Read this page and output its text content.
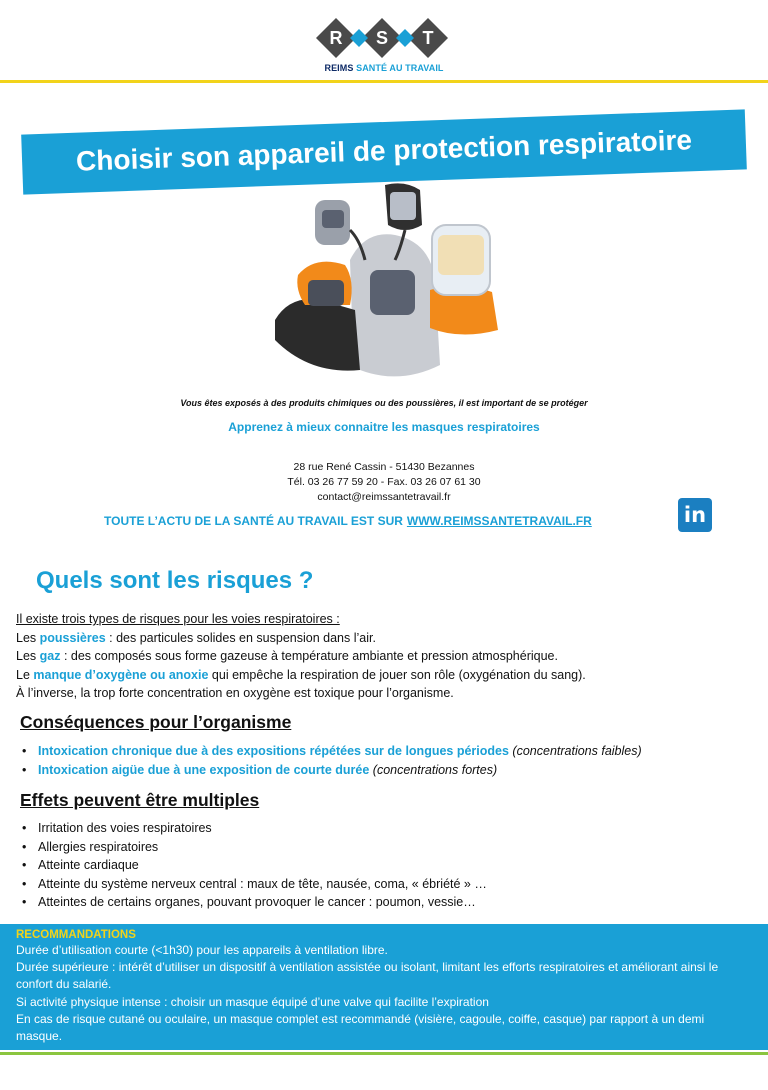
R S T
REIMS SANTÉ AU TRAVAIL
Choisir son appareil de protection respiratoire
Vous êtes exposés à des produits chimiques ou des poussières, il est important de se protéger
Apprenez à mieux connaitre les masques respiratoires
28 rue René Cassin - 51430 Bezannes
Tél. 03 26 77 59 20 - Fax. 03 26 07 61 30
contact@reimssantetravail.fr
TOUTE L’ACTU DE LA SANTÉ AU TRAVAIL EST SUR WWW.REIMSSANTETRAVAIL.FR	in
Quels sont les risques ?

Il existe trois types de risques pour les voies respiratoires :

Les poussières : des particules solides en suspension dans l’air.

Les gaz : des composés sous forme gazeuse à température ambiante et pression atmosphérique.

Le manque d’oxygène ou anoxie qui empêche la respiration de jouer son rôle (oxygénation du sang).

À l’inverse, la trop forte concentration en oxygène est toxique pour l’organisme.

Conséquences pour l’organisme
• Intoxication chronique due à des expositions répétées sur de longues périodes (concentrations faibles)
• Intoxication aigüe due à une exposition de courte durée (concentrations fortes)
Effets peuvent être multiples
• Irritation des voies respiratoires
• Allergies respiratoires
• Atteinte cardiaque
• Atteinte du système nerveux central : maux de tête, nausée, coma, « ébriété » …
• Atteintes de certains organes, pouvant provoquer le cancer : poumon, vessie…
RECOMMANDATIONS
Durée d’utilisation courte (<1h30) pour les appareils à ventilation libre.
Durée supérieure : intérêt d’utiliser un dispositif à ventilation assistée ou isolant, limitant les efforts respiratoires et améliorant ainsi le confort du salarié.
Si activité physique intense : choisir un masque équipé d’une valve qui facilite l’expiration
En cas de risque cutané ou oculaire, un masque complet est recommandé (visière, cagoule, coiffe, casque) par rapport à un demi masque.
